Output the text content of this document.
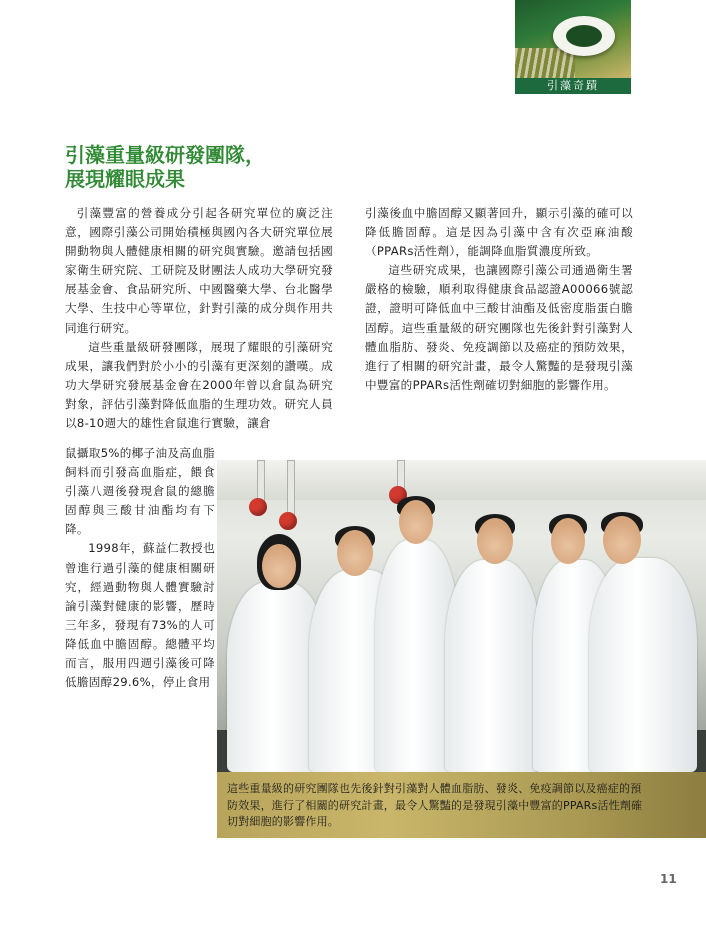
引藻奇蹟
引藻重量級研發團隊，
展現耀眼成果

引藻豐富的營養成分引起各研究單位的廣泛注意，國際引藻公司開始積極與國內各大研究單位展開動物與人體健康相關的研究與實驗。邀請包括國家衛生研究院、工研院及財團法人成功大學研究發展基金會、食品研究所、中國醫藥大學、台北醫學大學、生技中心等單位，針對引藻的成分與作用共同進行研究。

這些重量級研發團隊，展現了耀眼的引藻研究成果，讓我們對於小小的引藻有更深刻的讚嘆。成功大學研究發展基金會在2000年曾以倉鼠為研究對象，評估引藻對降低血脂的生理功效。研究人員以8-10週大的雄性倉鼠進行實驗，讓倉

鼠攝取5%的椰子油及高血脂飼料而引發高血脂症，餵食引藻八週後發現倉鼠的總膽固醇與三酸甘油酯均有下降。

1998年，蘇益仁教授也曾進行過引藻的健康相關研究，經過動物與人體實驗討論引藻對健康的影響，歷時三年多，發現有73%的人可降低血中膽固醇。總體平均而言，服用四週引藻後可降低膽固醇29.6%，停止食用

引藻後血中膽固醇又顯著回升，顯示引藻的確可以降低膽固醇。這是因為引藻中含有次亞麻油酸（PPARs活性劑），能調降血脂質濃度所致。

這些研究成果，也讓國際引藻公司通過衛生署嚴格的檢驗，順利取得健康食品認證A00066號認證，證明可降低血中三酸甘油酯及低密度脂蛋白膽固醇。這些重量級的研究團隊也先後針對引藻對人體血脂肪、發炎、免疫調節以及癌症的預防效果，進行了相關的研究計畫，最令人驚豔的是發現引藻中豐富的PPARs活性劑確切對細胞的影響作用。

這些重量級的研究團隊也先後針對引藻對人體血脂肪、發炎、免疫調節以及癌症的預防效果，進行了相關的研究計畫，最令人驚豔的是發現引藻中豐富的PPARs活性劑確切對細胞的影響作用。

11
